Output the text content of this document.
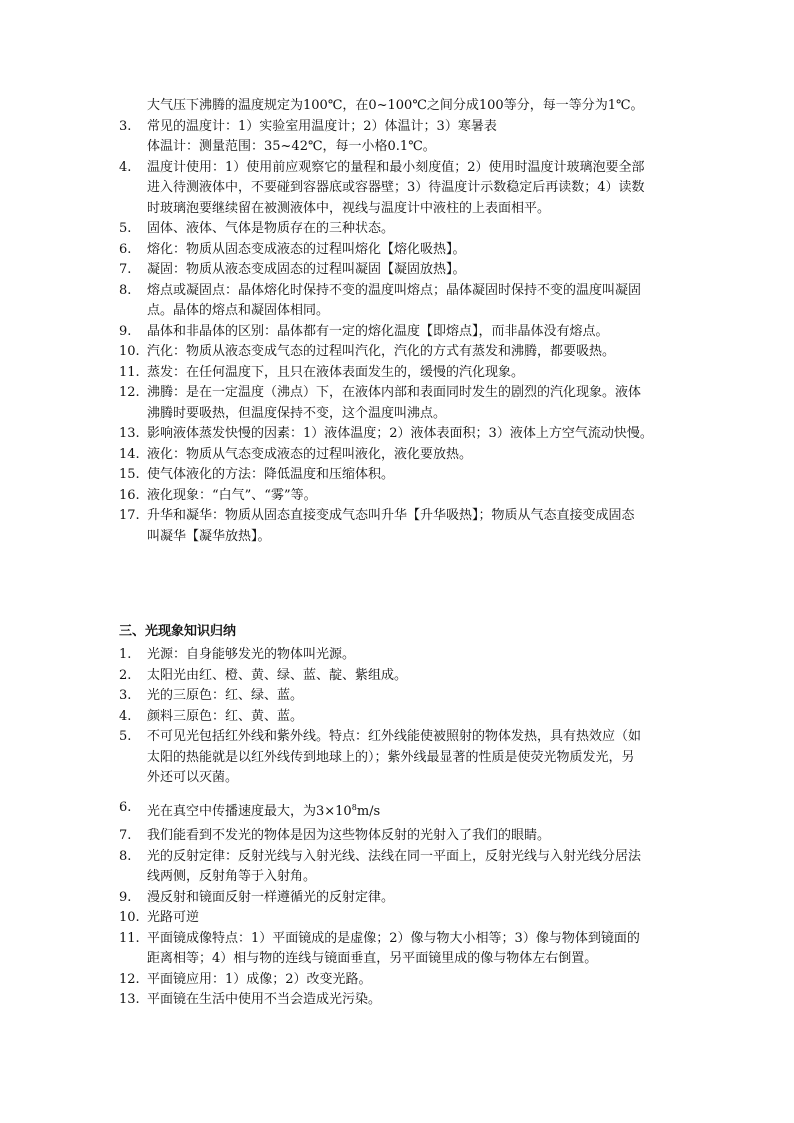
大气压下沸腾的温度规定为100℃，在0~100℃之间分成100等分，每一等分为1℃。
3. 常见的温度计：1）实验室用温度计；2）体温计；3）寒暑表
体温计：测量范围：35~42℃，每一小格0.1℃。
4. 温度计使用：1）使用前应观察它的量程和最小刻度值；2）使用时温度计玻璃泡要全部
进入待测液体中，不要碰到容器底或容器壁；3）待温度计示数稳定后再读数；4）读数
时玻璃泡要继续留在被测液体中，视线与温度计中液柱的上表面相平。
5. 固体、液体、气体是物质存在的三种状态。
6. 熔化：物质从固态变成液态的过程叫熔化【熔化吸热】。
7. 凝固：物质从液态变成固态的过程叫凝固【凝固放热】。
8. 熔点或凝固点：晶体熔化时保持不变的温度叫熔点；晶体凝固时保持不变的温度叫凝固
点。晶体的熔点和凝固体相同。
9. 晶体和非晶体的区别：晶体都有一定的熔化温度【即熔点】，而非晶体没有熔点。
10. 汽化：物质从液态变成气态的过程叫汽化，汽化的方式有蒸发和沸腾，都要吸热。
11. 蒸发：在任何温度下，且只在液体表面发生的，缓慢的汽化现象。
12. 沸腾：是在一定温度（沸点）下，在液体内部和表面同时发生的剧烈的汽化现象。液体
沸腾时要吸热，但温度保持不变，这个温度叫沸点。
13. 影响液体蒸发快慢的因素：1）液体温度；2）液体表面积；3）液体上方空气流动快慢。
14. 液化：物质从气态变成液态的过程叫液化，液化要放热。
15. 使气体液化的方法：降低温度和压缩体积。
16. 液化现象：“白气”、“雾”等。
17. 升华和凝华：物质从固态直接变成气态叫升华【升华吸热】；物质从气态直接变成固态
叫凝华【凝华放热】。
三、光现象知识归纳
1. 光源：自身能够发光的物体叫光源。
2. 太阳光由红、橙、黄、绿、蓝、靛、紫组成。
3. 光的三原色：红、绿、蓝。
4. 颜料三原色：红、黄、蓝。
5. 不可见光包括红外线和紫外线。特点：红外线能使被照射的物体发热，具有热效应（如
太阳的热能就是以红外线传到地球上的）；紫外线最显著的性质是使荧光物质发光，另
外还可以灭菌。
6. 光在真空中传播速度最大，为$3\times 10^8m/s$
7. 我们能看到不发光的物体是因为这些物体反射的光射入了我们的眼睛。
8. 光的反射定律：反射光线与入射光线、法线在同一平面上，反射光线与入射光线分居法
线两侧，反射角等于入射角。
9. 漫反射和镜面反射一样遵循光的反射定律。
10. 光路可逆
11. 平面镜成像特点：1）平面镜成的是虚像；2）像与物大小相等；3）像与物体到镜面的
距离相等；4）相与物的连线与镜面垂直，另平面镜里成的像与物体左右倒置。
12. 平面镜应用：1）成像；2）改变光路。
13. 平面镜在生活中使用不当会造成光污染。
